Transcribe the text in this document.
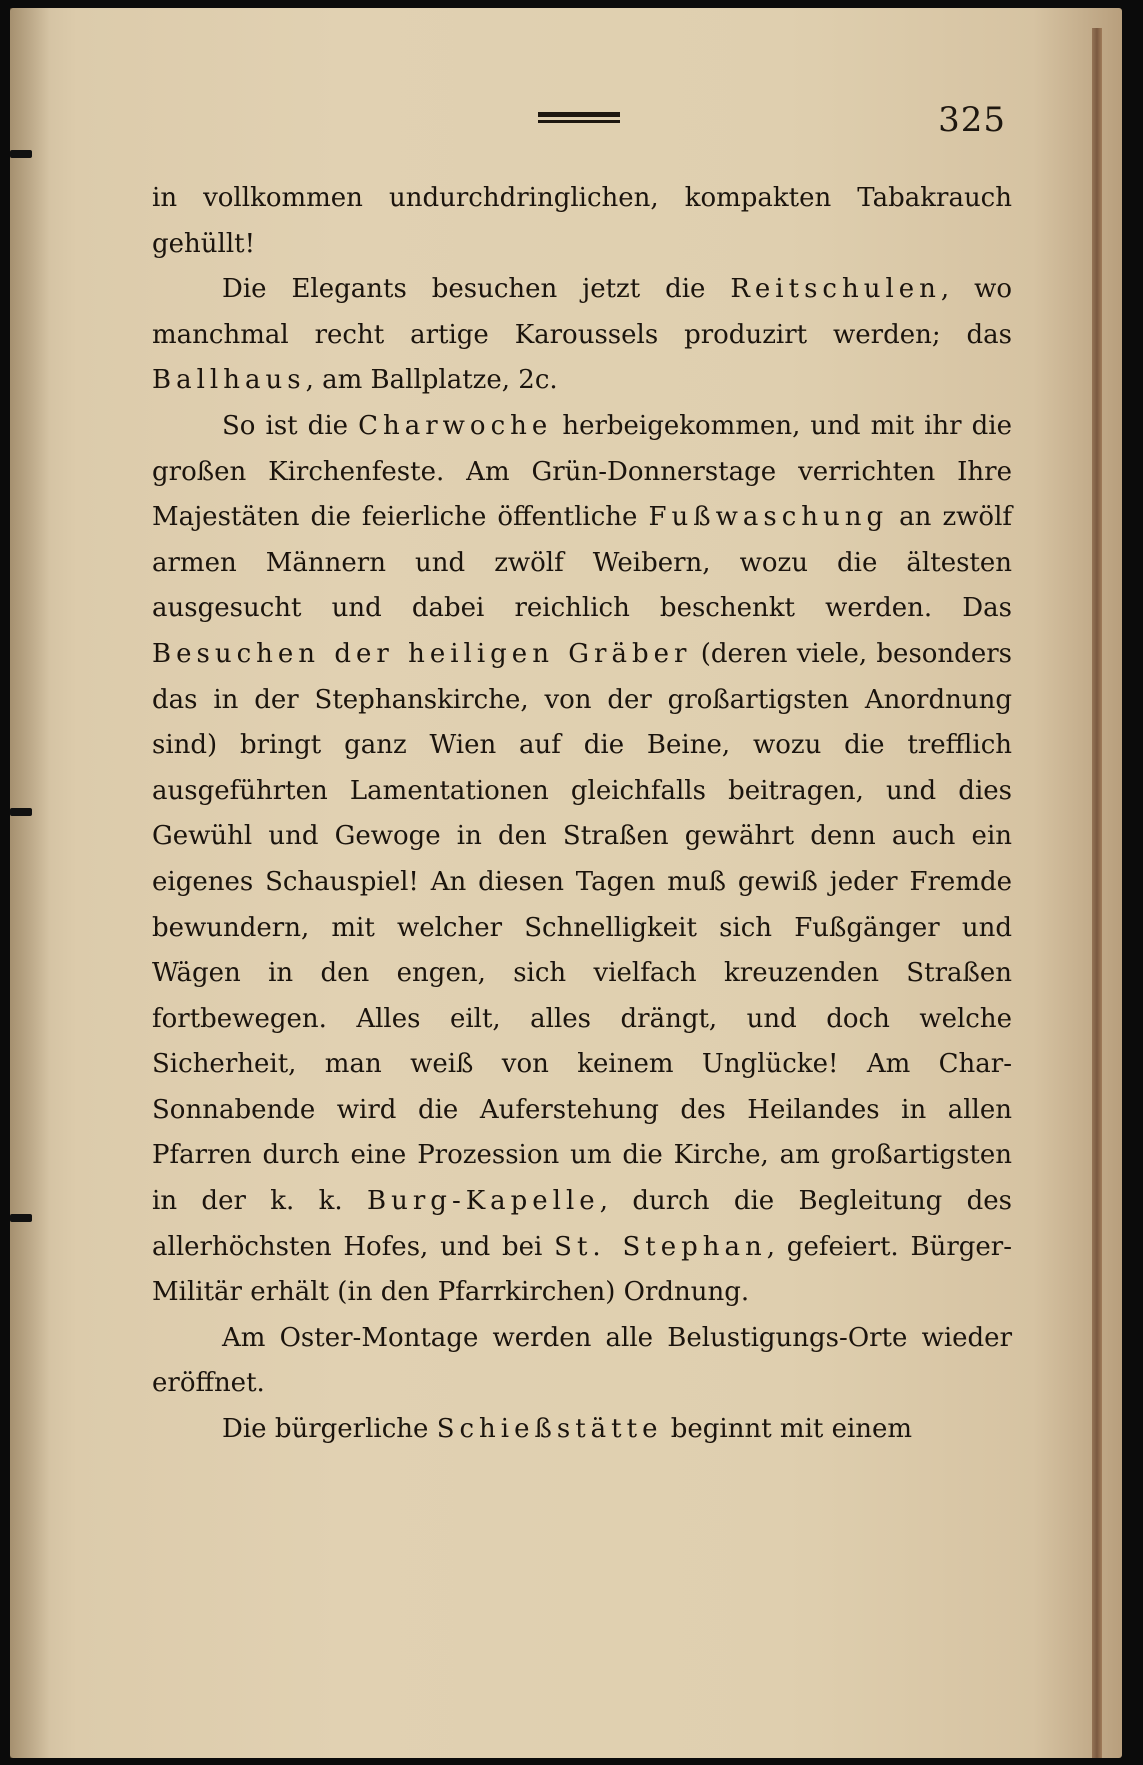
325

in vollkommen undurchdringlichen, kompakten Tabakrauch gehüllt!

Die Elegants besuchen jetzt die Reitschulen, wo manchmal recht artige Karoussels produzirt werden; das Ballhaus, am Ballplatze, 2c.

So ist die Charwoche herbeigekommen, und mit ihr die großen Kirchenfeste. Am Grün-Donnerstage verrichten Ihre Majestäten die feierliche öffentliche Fußwaschung an zwölf armen Männern und zwölf Weibern, wozu die ältesten ausgesucht und dabei reichlich beschenkt werden. Das Besuchen der heiligen Gräber (deren viele, besonders das in der Stephanskirche, von der großartigsten Anordnung sind) bringt ganz Wien auf die Beine, wozu die trefflich ausgeführten Lamentationen gleichfalls beitragen, und dies Gewühl und Gewoge in den Straßen gewährt denn auch ein eigenes Schauspiel! An diesen Tagen muß gewiß jeder Fremde bewundern, mit welcher Schnelligkeit sich Fußgänger und Wägen in den engen, sich vielfach kreuzenden Straßen fortbewegen. Alles eilt, alles drängt, und doch welche Sicherheit, man weiß von keinem Unglücke! Am Char-Sonnabende wird die Auferstehung des Heilandes in allen Pfarren durch eine Prozession um die Kirche, am großartigsten in der k. k. Burg-Kapelle, durch die Begleitung des allerhöchsten Hofes, und bei St. Stephan, gefeiert. Bürger-Militär erhält (in den Pfarrkirchen) Ordnung.

Am Oster-Montage werden alle Belustigungs-Orte wieder eröffnet.

Die bürgerliche Schießstätte beginnt mit einem
